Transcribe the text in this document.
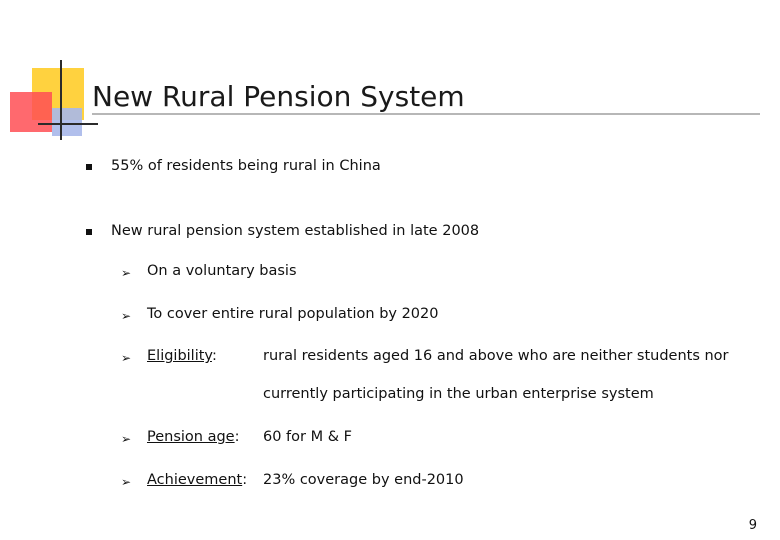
New Rural Pension System
55% of residents being rural in China
New rural pension system established in late 2008
➢ On a voluntary basis
➢ To cover entire rural population by 2020
➢ Eligibility:	rural residents aged 16 and above who are neither students nor
currently participating in the urban enterprise system
➢ Pension age: 60 for M & F
➢ Achievement: 23% coverage by end-2010
9
